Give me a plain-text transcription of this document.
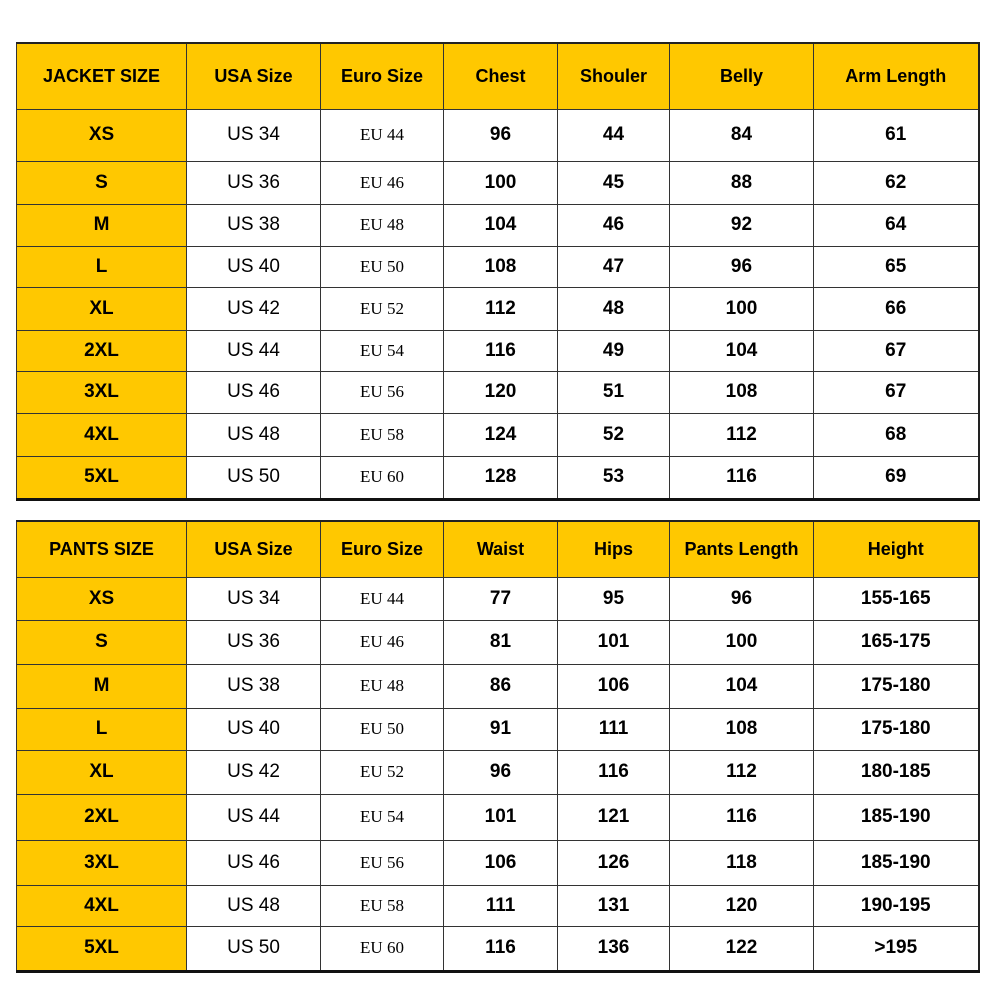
JACKET SIZE	USA Size	Euro Size	Chest	Shouler	Belly	Arm Length
XS	US 34	EU 44	96	44	84	61
S	US 36	EU 46	100	45	88	62
M	US 38	EU 48	104	46	92	64
L	US 40	EU 50	108	47	96	65
XL	US 42	EU 52	112	48	100	66
2XL	US 44	EU 54	116	49	104	67
3XL	US 46	EU 56	120	51	108	67
4XL	US 48	EU 58	124	52	112	68
5XL	US 50	EU 60	128	53	116	69
PANTS SIZE	USA Size	Euro Size	Waist	Hips	Pants Length	Height
XS	US 34	EU 44	77	95	96	155-165
S	US 36	EU 46	81	101	100	165-175
M	US 38	EU 48	86	106	104	175-180
L	US 40	EU 50	91	111	108	175-180
XL	US 42	EU 52	96	116	112	180-185
2XL	US 44	EU 54	101	121	116	185-190
3XL	US 46	EU 56	106	126	118	185-190
4XL	US 48	EU 58	111	131	120	190-195
5XL	US 50	EU 60	116	136	122	>195
